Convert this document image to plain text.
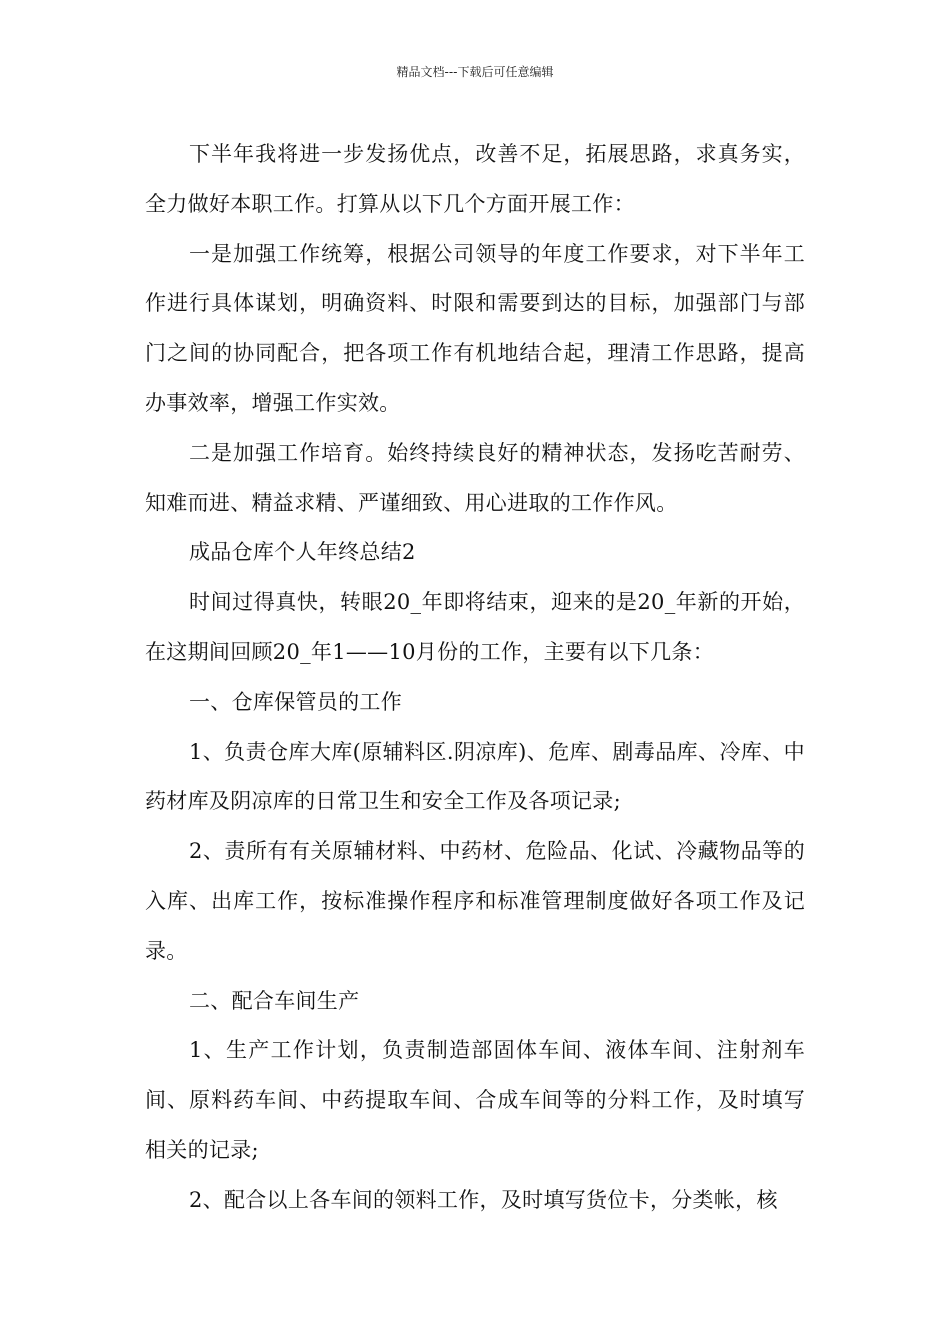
精品文档---下载后可任意编辑

下半年我将进一步发扬优点，改善不足，拓展思路，求真务实，全力做好本职工作。打算从以下几个方面开展工作：

一是加强工作统筹，根据公司领导的年度工作要求，对下半年工作进行具体谋划，明确资料、时限和需要到达的目标，加强部门与部门之间的协同配合，把各项工作有机地结合起，理清工作思路，提高办事效率，增强工作实效。

二是加强工作培育。始终持续良好的精神状态，发扬吃苦耐劳、知难而进、精益求精、严谨细致、用心进取的工作作风。

成品仓库个人年终总结2

时间过得真快，转眼20_年即将结束，迎来的是20_年新的开始，在这期间回顾20_年1——10月份的工作，主要有以下几条：

一、仓库保管员的工作

1、负责仓库大库(原辅料区.阴凉库)、危库、剧毒品库、冷库、中药材库及阴凉库的日常卫生和安全工作及各项记录;

2、责所有有关原辅材料、中药材、危险品、化试、冷藏物品等的入库、出库工作，按标准操作程序和标准管理制度做好各项工作及记录。

二、配合车间生产

1、生产工作计划，负责制造部固体车间、液体车间、注射剂车间、原料药车间、中药提取车间、合成车间等的分料工作，及时填写相关的记录;

2、配合以上各车间的领料工作，及时填写货位卡，分类帐，核
